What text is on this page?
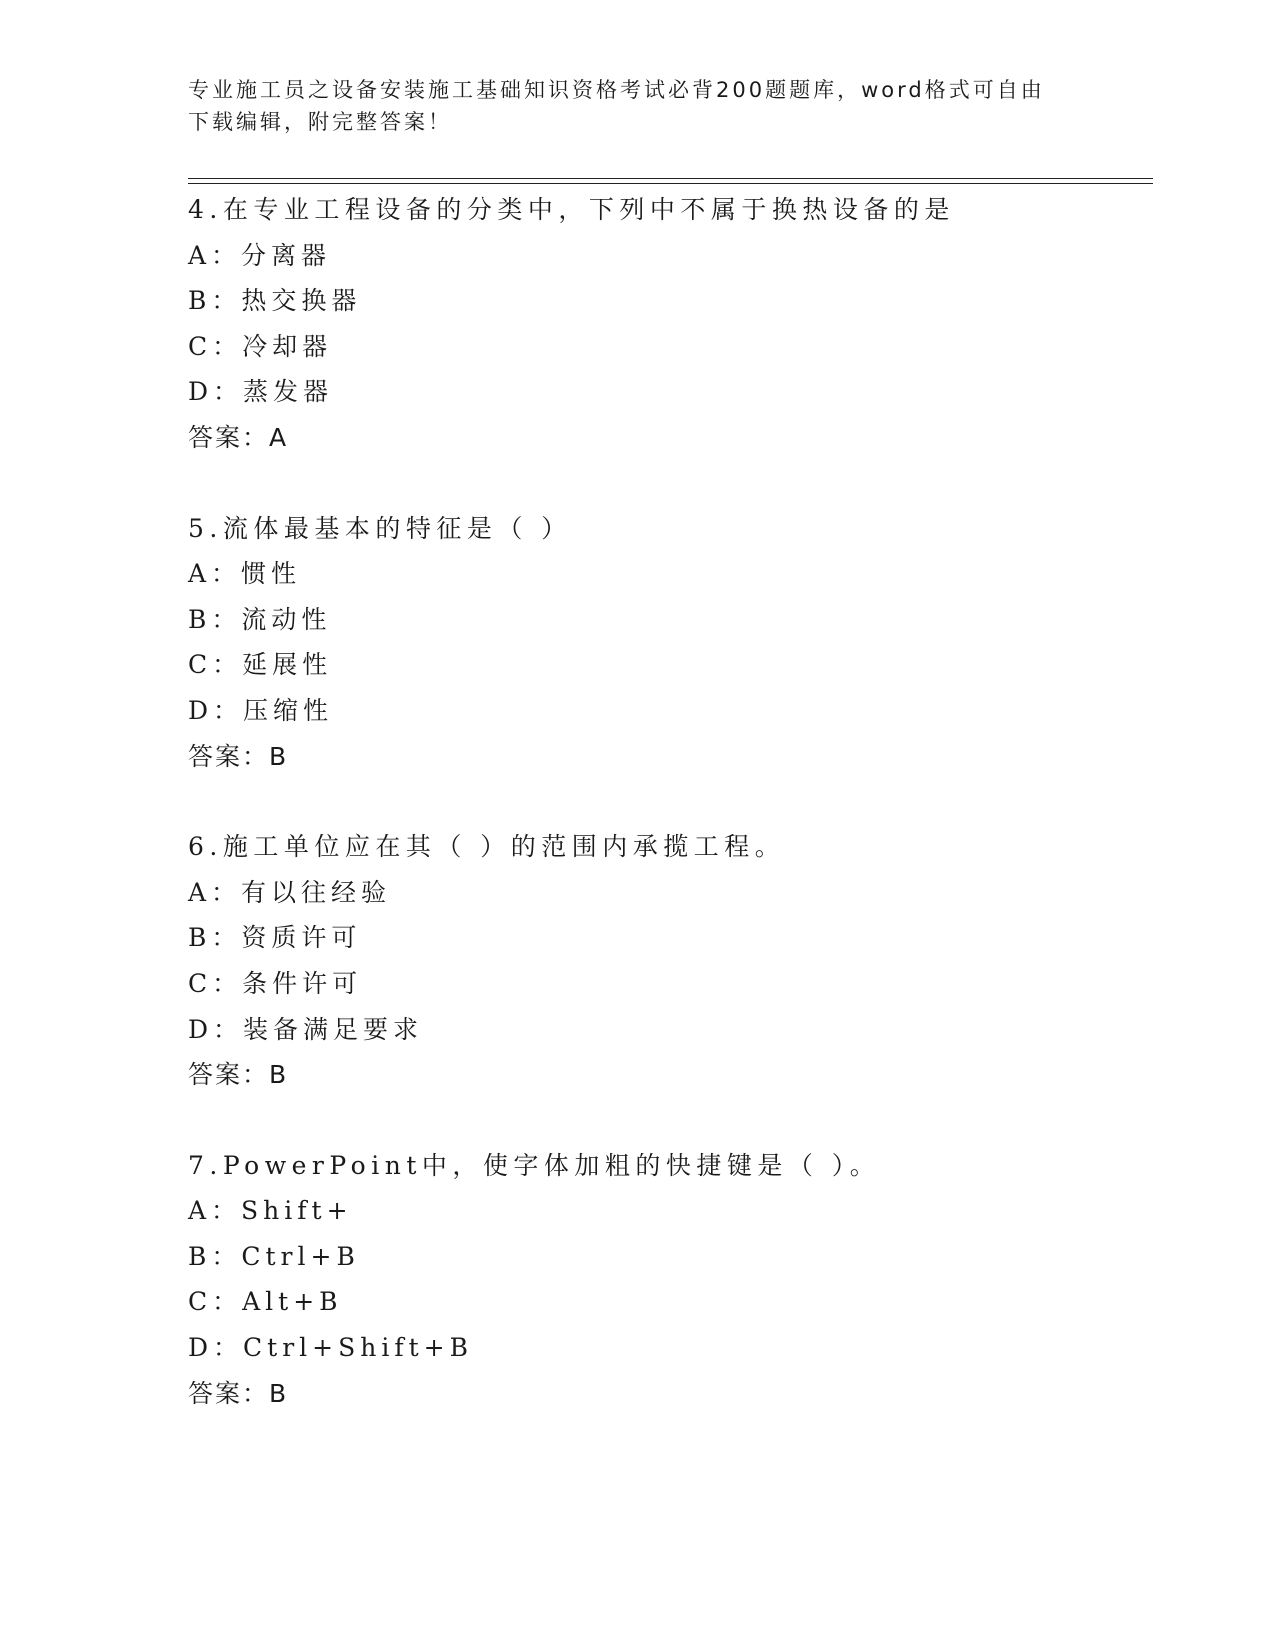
专业施工员之设备安装施工基础知识资格考试必背200题题库，word格式可自由
下载编辑，附完整答案！
4.在专业工程设备的分类中，下列中不属于换热设备的是
A：分离器
B：热交换器
C：冷却器
D：蒸发器
答案：A
5.流体最基本的特征是（ ）
A：惯性
B：流动性
C：延展性
D：压缩性
答案：B
6.施工单位应在其（ ）的范围内承揽工程。
A：有以往经验
B：资质许可
C：条件许可
D：装备满足要求
答案：B
7.PowerPoint中，使字体加粗的快捷键是（ ）。
A：Shift+
B：Ctrl+B
C：Alt+B
D：Ctrl+Shift+B
答案：B
